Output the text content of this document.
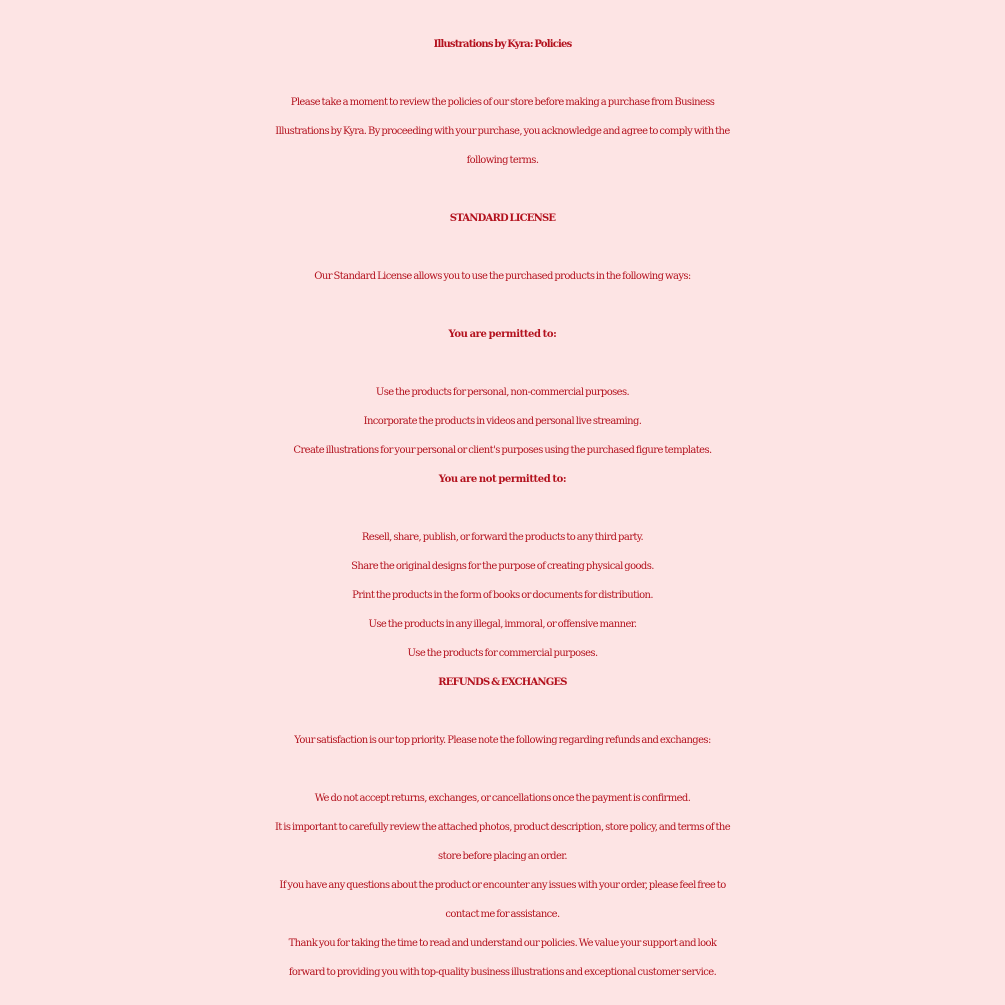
Illustrations by Kyra: Policies
Please take a moment to review the policies of our store before making a purchase from Business
Illustrations by Kyra. By proceeding with your purchase, you acknowledge and agree to comply with the
following terms.
STANDARD LICENSE
Our Standard License allows you to use the purchased products in the following ways:
You are permitted to:
Use the products for personal, non-commercial purposes.
Incorporate the products in videos and personal live streaming.
Create illustrations for your personal or client's purposes using the purchased figure templates.
You are not permitted to:
Resell, share, publish, or forward the products to any third party.
Share the original designs for the purpose of creating physical goods.
Print the products in the form of books or documents for distribution.
Use the products in any illegal, immoral, or offensive manner.
Use the products for commercial purposes.
REFUNDS & EXCHANGES
Your satisfaction is our top priority. Please note the following regarding refunds and exchanges:
We do not accept returns, exchanges, or cancellations once the payment is confirmed.
It is important to carefully review the attached photos, product description, store policy, and terms of the
store before placing an order.
If you have any questions about the product or encounter any issues with your order, please feel free to
contact me for assistance.
Thank you for taking the time to read and understand our policies. We value your support and look
forward to providing you with top-quality business illustrations and exceptional customer service.
